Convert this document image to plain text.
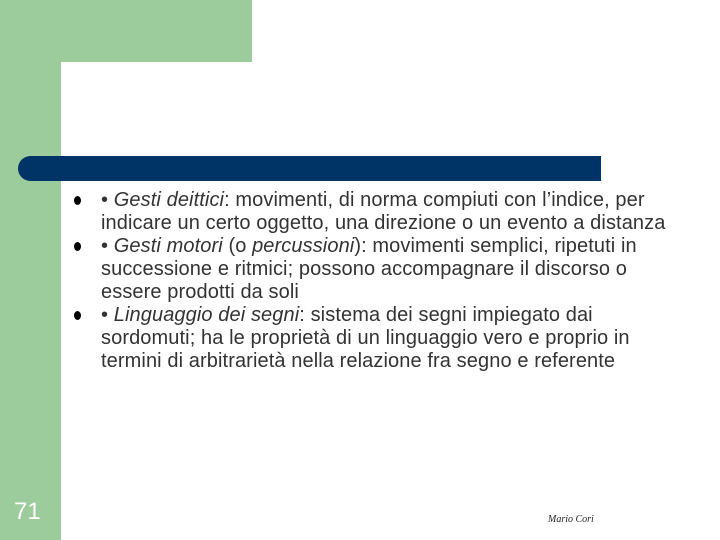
• Gesti deittici: movimenti, di norma compiuti con l’indice, per indicare un certo oggetto, una direzione o un evento a distanza
• Gesti motori (o percussioni): movimenti semplici, ripetuti in successione e ritmici; possono accompagnare il discorso o essere prodotti da soli
• Linguaggio dei segni: sistema dei segni impiegato dai sordomuti; ha le proprietà di un linguaggio vero e proprio in termini di arbitrarietà nella relazione fra segno e referente
71	Mario Cori
